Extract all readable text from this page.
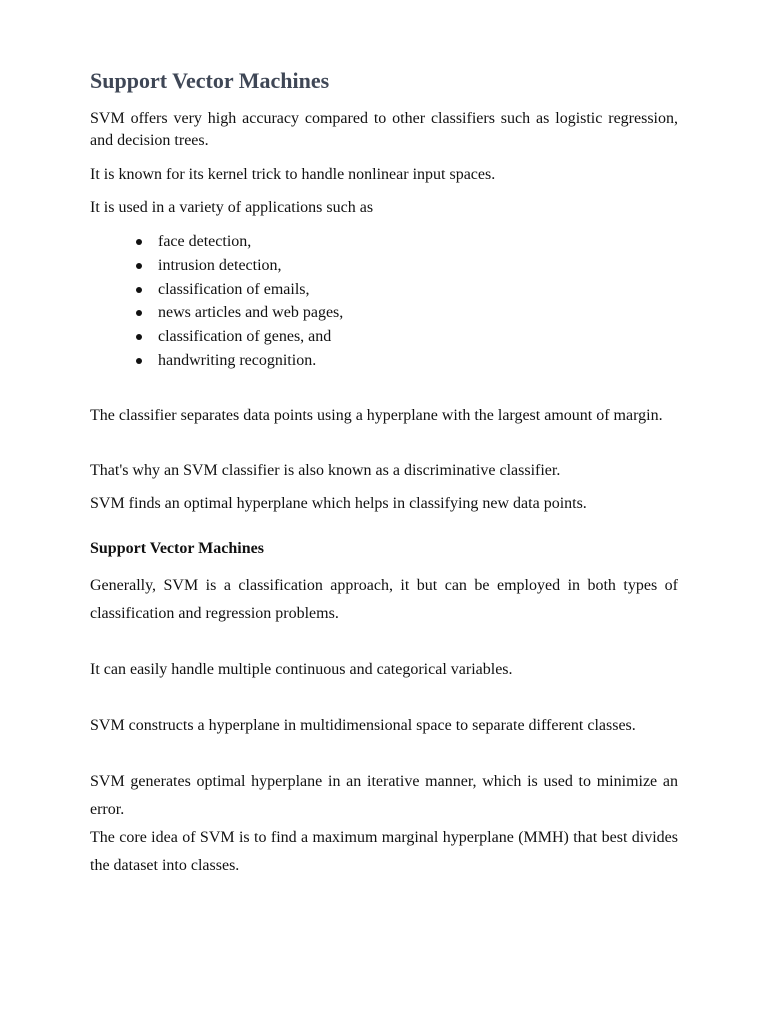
Support Vector Machines

SVM offers very high accuracy compared to other classifiers such as logistic regression, and decision trees.

It is known for its kernel trick to handle nonlinear input spaces.

It is used in a variety of applications such as

face detection,
intrusion detection,
classification of emails,
news articles and web pages,
classification of genes, and
handwriting recognition.

The classifier separates data points using a hyperplane with the largest amount of margin.

That's why an SVM classifier is also known as a discriminative classifier.

SVM finds an optimal hyperplane which helps in classifying new data points.

Support Vector Machines

Generally, SVM is a classification approach, it but can be employed in both types of classification and regression problems.

It can easily handle multiple continuous and categorical variables.

SVM constructs a hyperplane in multidimensional space to separate different classes.

SVM generates optimal hyperplane in an iterative manner, which is used to minimize an error.

The core idea of SVM is to find a maximum marginal hyperplane (MMH) that best divides the dataset into classes.
